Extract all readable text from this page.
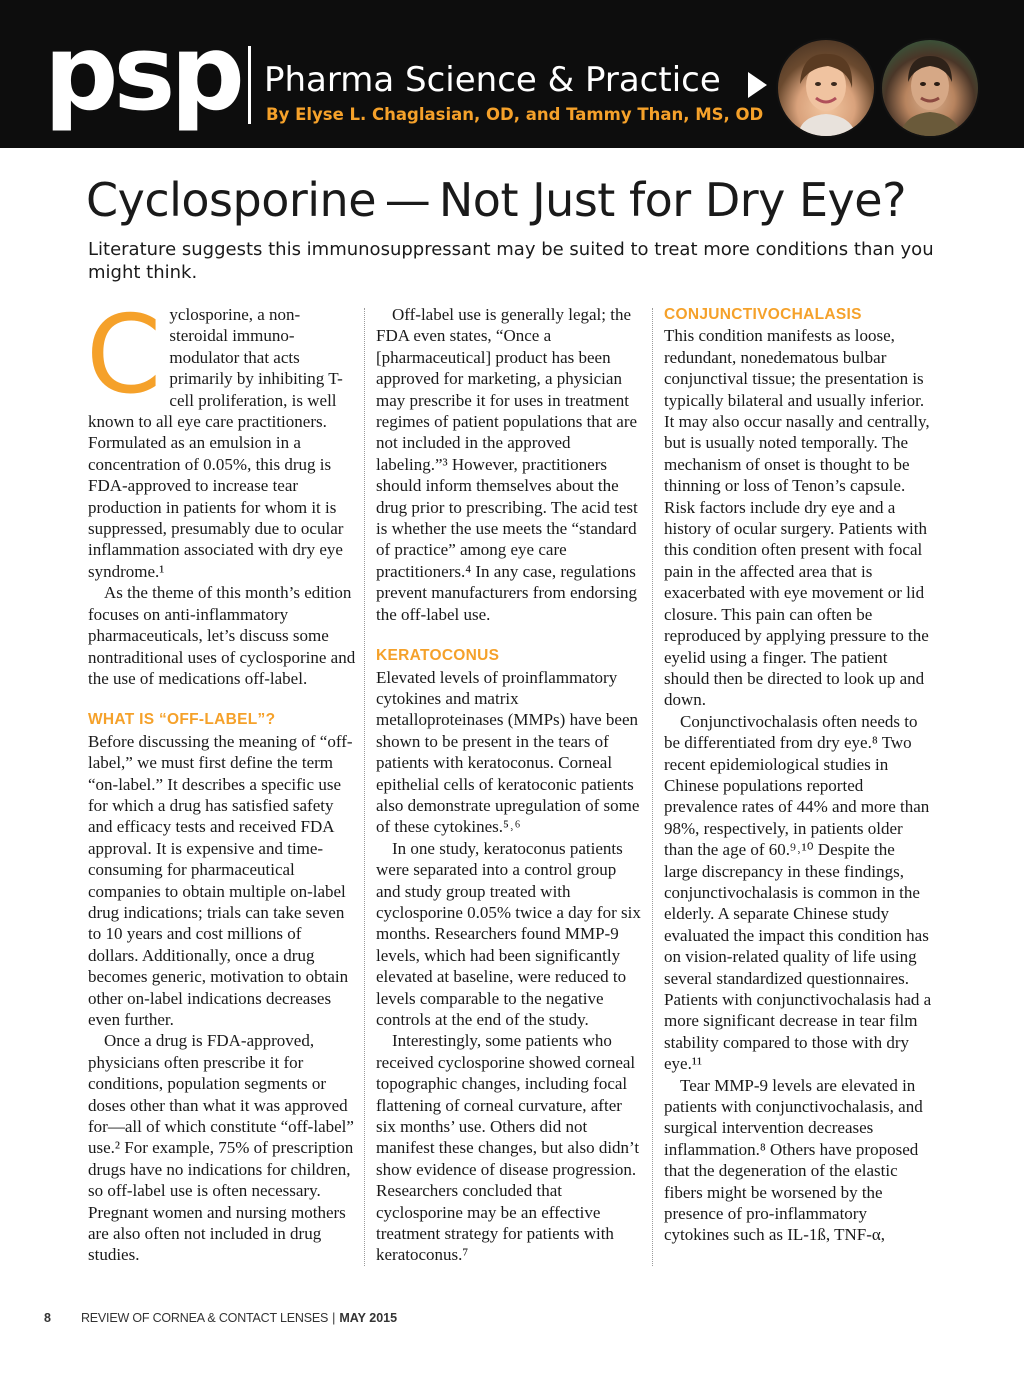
psp Pharma Science & Practice
By Elyse L. Chaglasian, OD, and Tammy Than, MS, OD
Cyclosporine — Not Just for Dry Eye?

Literature suggests this immunosuppressant may be suited to treat more conditions than you might think.

C yclosporine, a non-steroidal immuno-modulator that acts primarily by inhibiting T-cell proliferation, is well known to all eye care practitioners. Formulated as an emulsion in a concentration of 0.05%, this drug is FDA-approved to increase tear production in patients for whom it is suppressed, presumably due to ocular inflammation associated with dry eye syndrome.¹

As the theme of this month’s edition focuses on anti-inflammatory pharmaceuticals, let’s discuss some nontraditional uses of cyclosporine and the use of medications off-label.

WHAT IS “OFF-LABEL”?

Before discussing the meaning of “off-label,” we must first define the term “on-label.” It describes a specific use for which a drug has satisfied safety and efficacy tests and received FDA approval. It is expensive and time-consuming for pharmaceutical companies to obtain multiple on-label drug indications; trials can take seven to 10 years and cost millions of dollars. Additionally, once a drug becomes generic, motivation to obtain other on-label indications decreases even further.

Once a drug is FDA-approved, physicians often prescribe it for conditions, population segments or doses other than what it was approved for—all of which constitute “off-label” use.² For example, 75% of prescription drugs have no indications for children, so off-label use is often necessary. Pregnant women and nursing mothers are also often not included in drug studies.

Off-label use is generally legal; the FDA even states, “Once a [pharmaceutical] product has been approved for marketing, a physician may prescribe it for uses in treatment regimes of patient populations that are not included in the approved labeling.”³ However, practitioners should inform themselves about the drug prior to prescribing. The acid test is whether the use meets the “standard of practice” among eye care practitioners.⁴ In any case, regulations prevent manufacturers from endorsing the off-label use.

KERATOCONUS

Elevated levels of proinflammatory cytokines and matrix metalloproteinases (MMPs) have been shown to be present in the tears of patients with keratoconus. Corneal epithelial cells of keratoconic patients also demonstrate upregulation of some of these cytokines.⁵˒⁶

In one study, keratoconus patients were separated into a control group and study group treated with cyclosporine 0.05% twice a day for six months. Researchers found MMP-9 levels, which had been significantly elevated at baseline, were reduced to levels comparable to the negative controls at the end of the study.

Interestingly, some patients who received cyclosporine showed corneal topographic changes, including focal flattening of corneal curvature, after six months’ use. Others did not manifest these changes, but also didn’t show evidence of disease progression. Researchers concluded that cyclosporine may be an effective treatment strategy for patients with keratoconus.⁷

CONJUNCTIVOCHALASIS

This condition manifests as loose, redundant, nonedematous bulbar conjunctival tissue; the presentation is typically bilateral and usually inferior. It may also occur nasally and centrally, but is usually noted temporally. The mechanism of onset is thought to be thinning or loss of Tenon’s capsule. Risk factors include dry eye and a history of ocular surgery. Patients with this condition often present with focal pain in the affected area that is exacerbated with eye movement or lid closure. This pain can often be reproduced by applying pressure to the eyelid using a finger. The patient should then be directed to look up and down.

Conjunctivochalasis often needs to be differentiated from dry eye.⁸ Two recent epidemiological studies in Chinese populations reported prevalence rates of 44% and more than 98%, respectively, in patients older than the age of 60.⁹˒¹⁰ Despite the large discrepancy in these findings, conjunctivochalasis is common in the elderly. A separate Chinese study evaluated the impact this condition has on vision-related quality of life using several standardized questionnaires. Patients with conjunctivochalasis had a more significant decrease in tear film stability compared to those with dry eye.¹¹

Tear MMP-9 levels are elevated in patients with conjunctivochalasis, and surgical intervention decreases inflammation.⁸ Others have proposed that the degeneration of the elastic fibers might be worsened by the presence of pro-inflammatory cytokines such as IL-1ß, TNF-α,

8 REVIEW OF CORNEA & CONTACT LENSES | MAY 2015
